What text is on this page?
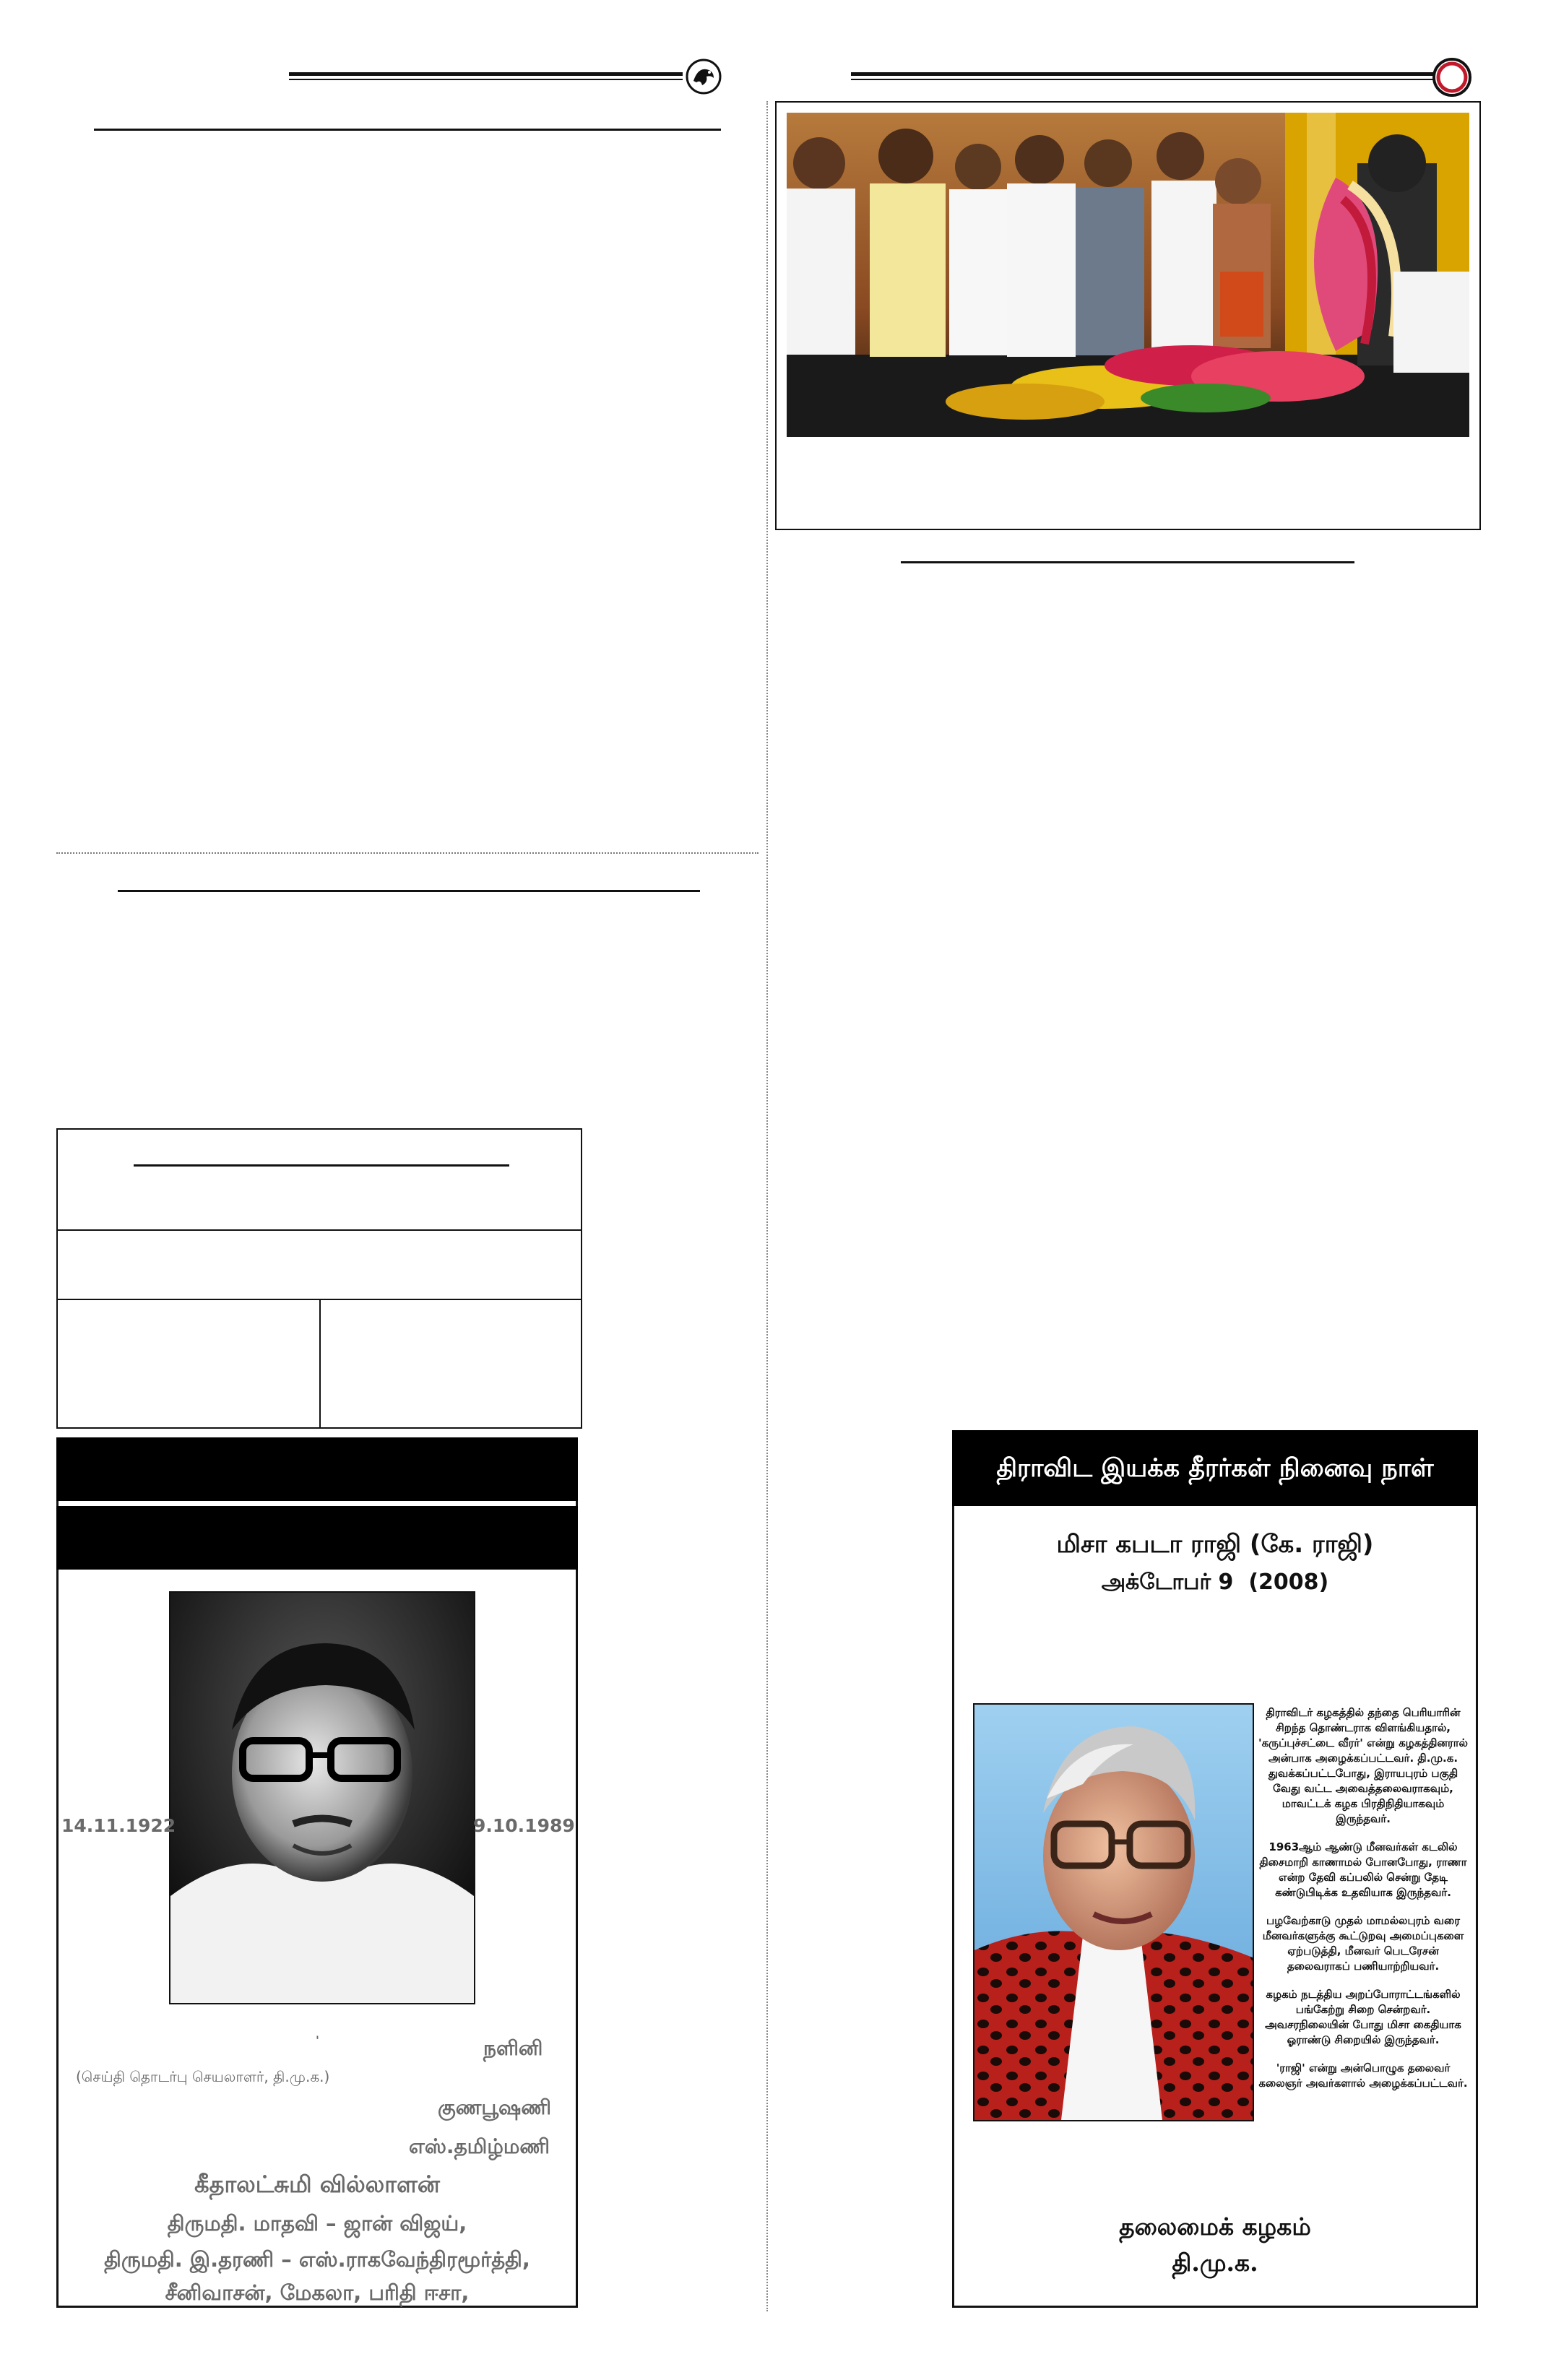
14.11.1922	9.10.1989
'	நளினி
(செய்தி தொடர்பு செயலாளர், தி.மு.க.)
குணபூஷணி
எஸ்.தமிழ்மணி
கீதாலட்சுமி வில்லாளன்
திருமதி. மாதவி – ஜான் விஜய்,
திருமதி. இ.தரணி – எஸ்.ராகவேந்திரமூர்த்தி,
சீனிவாசன், மேகலா, பரிதி ஈசா,
திராவிட இயக்க தீரர்கள் நினைவு நாள்
மிசா கபடா ராஜி (கே. ராஜி)
அக்டோபர் 9  (2008)

திராவிடர் கழகத்தில் தந்தை பெரியாரின் சிறந்த தொண்டராக விளங்கியதால், 'கருப்புச்சட்டை வீரர்' என்று கழகத்தினரால் அன்பாக அழைக்கப்பட்டவர். தி.மு.க. துவக்கப்பட்டபோது, இராயபுரம் பகுதி வேது வட்ட அவைத்தலைவராகவும், மாவட்டக் கழக பிரதிநிதியாகவும் இருந்தவர்.

1963ஆம் ஆண்டு மீனவர்கள் கடலில் திசைமாறி காணாமல் போனபோது, ராணா என்ற தேவி கப்பலில் சென்று தேடி கண்டுபிடிக்க உதவியாக இருந்தவர்.

பழவேற்காடு முதல் மாமல்லபுரம் வரை மீனவர்களுக்கு கூட்டுறவு அமைப்புகளை ஏற்படுத்தி, மீனவர் பெடரேசன் தலைவராகப் பணியாற்றியவர்.

கழகம் நடத்திய அறப்போராட்டங்களில் பங்கேற்று சிறை சென்றவர். அவசரநிலையின் போது மிசா கைதியாக ஓராண்டு சிறையில் இருந்தவர்.

'ராஜி' என்று அன்பொழுக தலைவர் கலைஞர் அவர்களால் அழைக்கப்பட்டவர்.

தலைமைக் கழகம்
தி.மு.க.
